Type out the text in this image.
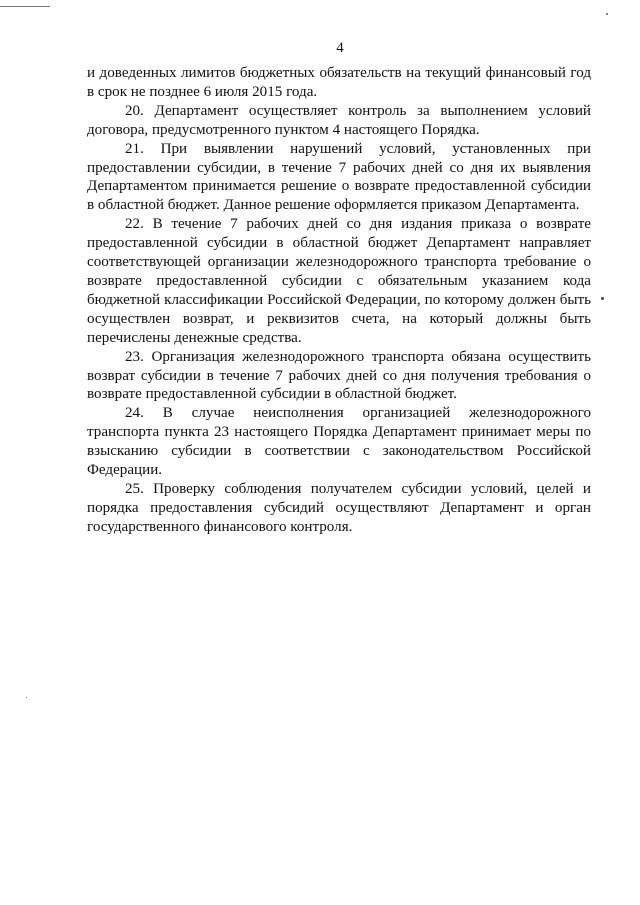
4

и доведенных лимитов бюджетных обязательств на текущий финансовый год в срок не позднее 6 июля 2015 года.

20. Департамент осуществляет контроль за выполнением условий договора, предусмотренного пунктом 4 настоящего Порядка.

21. При выявлении нарушений условий, установленных при предоставлении субсидии, в течение 7 рабочих дней со дня их выявления Департаментом принимается решение о возврате предоставленной субсидии в областной бюджет. Данное решение оформляется приказом Департамента.

22. В течение 7 рабочих дней со дня издания приказа о возврате предоставленной субсидии в областной бюджет Департамент направляет соответствующей организации железнодорожного транспорта требование о возврате предоставленной субсидии с обязательным указанием кода бюджетной классификации Российской Федерации, по которому должен быть осуществлен возврат, и реквизитов счета, на который должны быть перечислены денежные средства.

23. Организация железнодорожного транспорта обязана осуществить возврат субсидии в течение 7 рабочих дней со дня получения требования о возврате предоставленной субсидии в областной бюджет.

24. В случае неисполнения организацией железнодорожного транспорта пункта 23 настоящего Порядка Департамент принимает меры по взысканию субсидии в соответствии с законодательством Российской Федерации.

25. Проверку соблюдения получателем субсидии условий, целей и порядка предоставления субсидий осуществляют Департамент и орган государственного финансового контроля.
